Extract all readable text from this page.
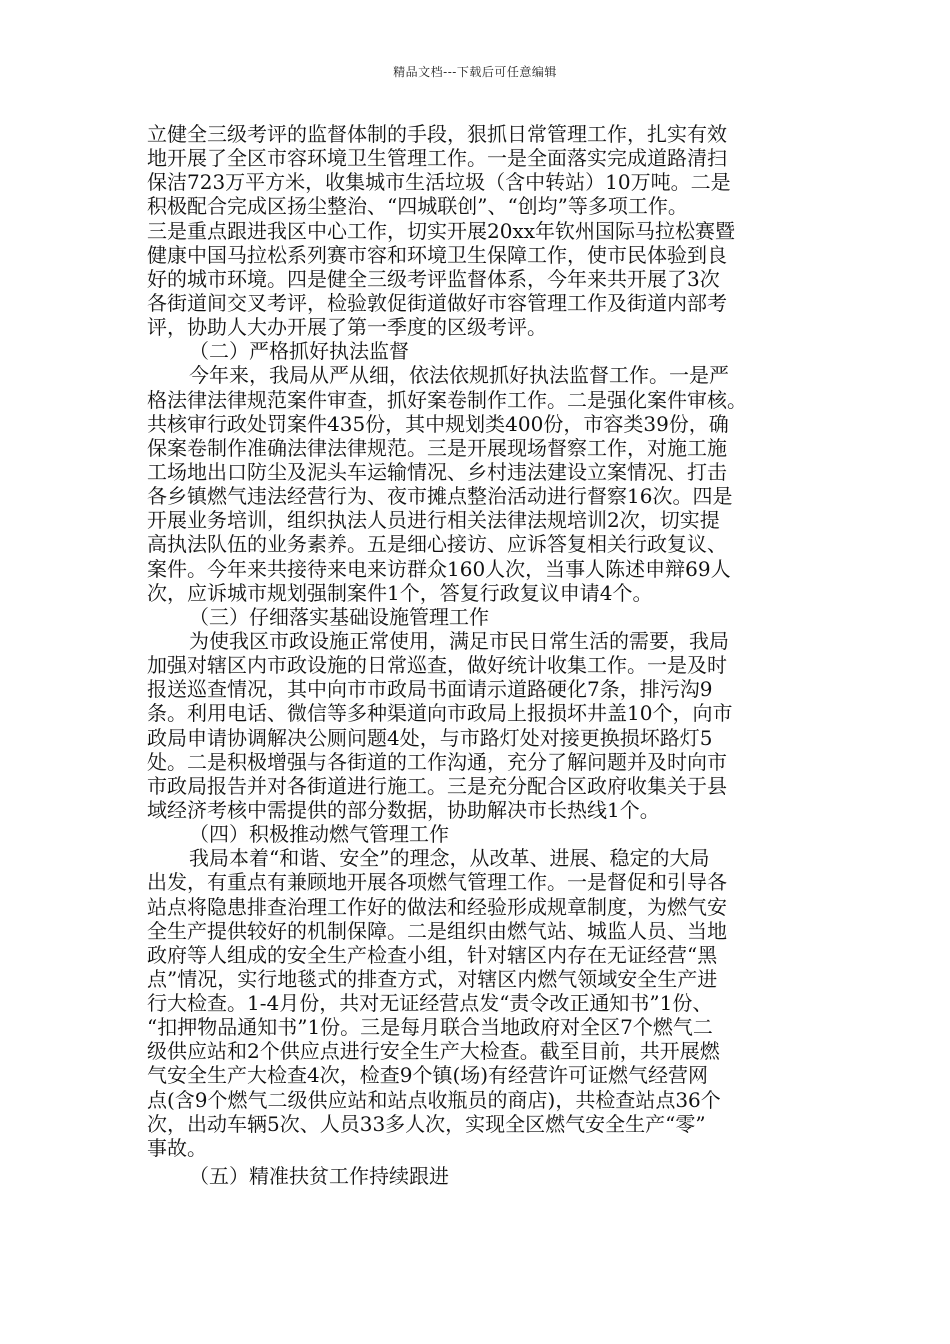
精品文档---下载后可任意编辑
立健全三级考评的监督体制的手段，狠抓日常管理工作，扎实有效
地开展了全区市容环境卫生管理工作。一是全面落实完成道路清扫
保洁723万平方米，收集城市生活垃圾（含中转站）10万吨。二是
积极配合完成区扬尘整治、“四城联创”、“创均”等多项工作。
三是重点跟进我区中心工作，切实开展20xx年钦州国际马拉松赛暨
健康中国马拉松系列赛市容和环境卫生保障工作，使市民体验到良
好的城市环境。四是健全三级考评监督体系，今年来共开展了3次
各街道间交叉考评，检验敦促街道做好市容管理工作及街道内部考
评，协助人大办开展了第一季度的区级考评。
（二）严格抓好执法监督
今年来，我局从严从细，依法依规抓好执法监督工作。一是严
格法律法律规范案件审查，抓好案卷制作工作。二是强化案件审核。
共核审行政处罚案件435份，其中规划类400份，市容类39份，确
保案卷制作准确法律法律规范。三是开展现场督察工作，对施工施
工场地出口防尘及泥头车运输情况、乡村违法建设立案情况、打击
各乡镇燃气违法经营行为、夜市摊点整治活动进行督察16次。四是
开展业务培训，组织执法人员进行相关法律法规培训2次，切实提
高执法队伍的业务素养。五是细心接访、应诉答复相关行政复议、
案件。今年来共接待来电来访群众160人次，当事人陈述申辩69人
次，应诉城市规划强制案件1个，答复行政复议申请4个。
（三）仔细落实基础设施管理工作
为使我区市政设施正常使用，满足市民日常生活的需要，我局
加强对辖区内市政设施的日常巡查，做好统计收集工作。一是及时
报送巡查情况，其中向市市政局书面请示道路硬化7条，排污沟9
条。利用电话、微信等多种渠道向市政局上报损坏井盖10个，向市
政局申请协调解决公厕问题4处，与市路灯处对接更换损坏路灯5
处。二是积极增强与各街道的工作沟通，充分了解问题并及时向市
市政局报告并对各街道进行施工。三是充分配合区政府收集关于县
域经济考核中需提供的部分数据，协助解决市长热线1个。
（四）积极推动燃气管理工作
我局本着“和谐、安全”的理念，从改革、进展、稳定的大局
出发，有重点有兼顾地开展各项燃气管理工作。一是督促和引导各
站点将隐患排查治理工作好的做法和经验形成规章制度，为燃气安
全生产提供较好的机制保障。二是组织由燃气站、城监人员、当地
政府等人组成的安全生产检查小组，针对辖区内存在无证经营“黑
点”情况，实行地毯式的排查方式，对辖区内燃气领域安全生产进
行大检查。1-4月份，共对无证经营点发“责令改正通知书”1份、
“扣押物品通知书”1份。三是每月联合当地政府对全区7个燃气二
级供应站和2个供应点进行安全生产大检查。截至目前，共开展燃
气安全生产大检查4次，检查9个镇(场)有经营许可证燃气经营网
点(含9个燃气二级供应站和站点收瓶员的商店)，共检查站点36个
次，出动车辆5次、人员33多人次，实现全区燃气安全生产“零”
事故。
（五）精准扶贫工作持续跟进
